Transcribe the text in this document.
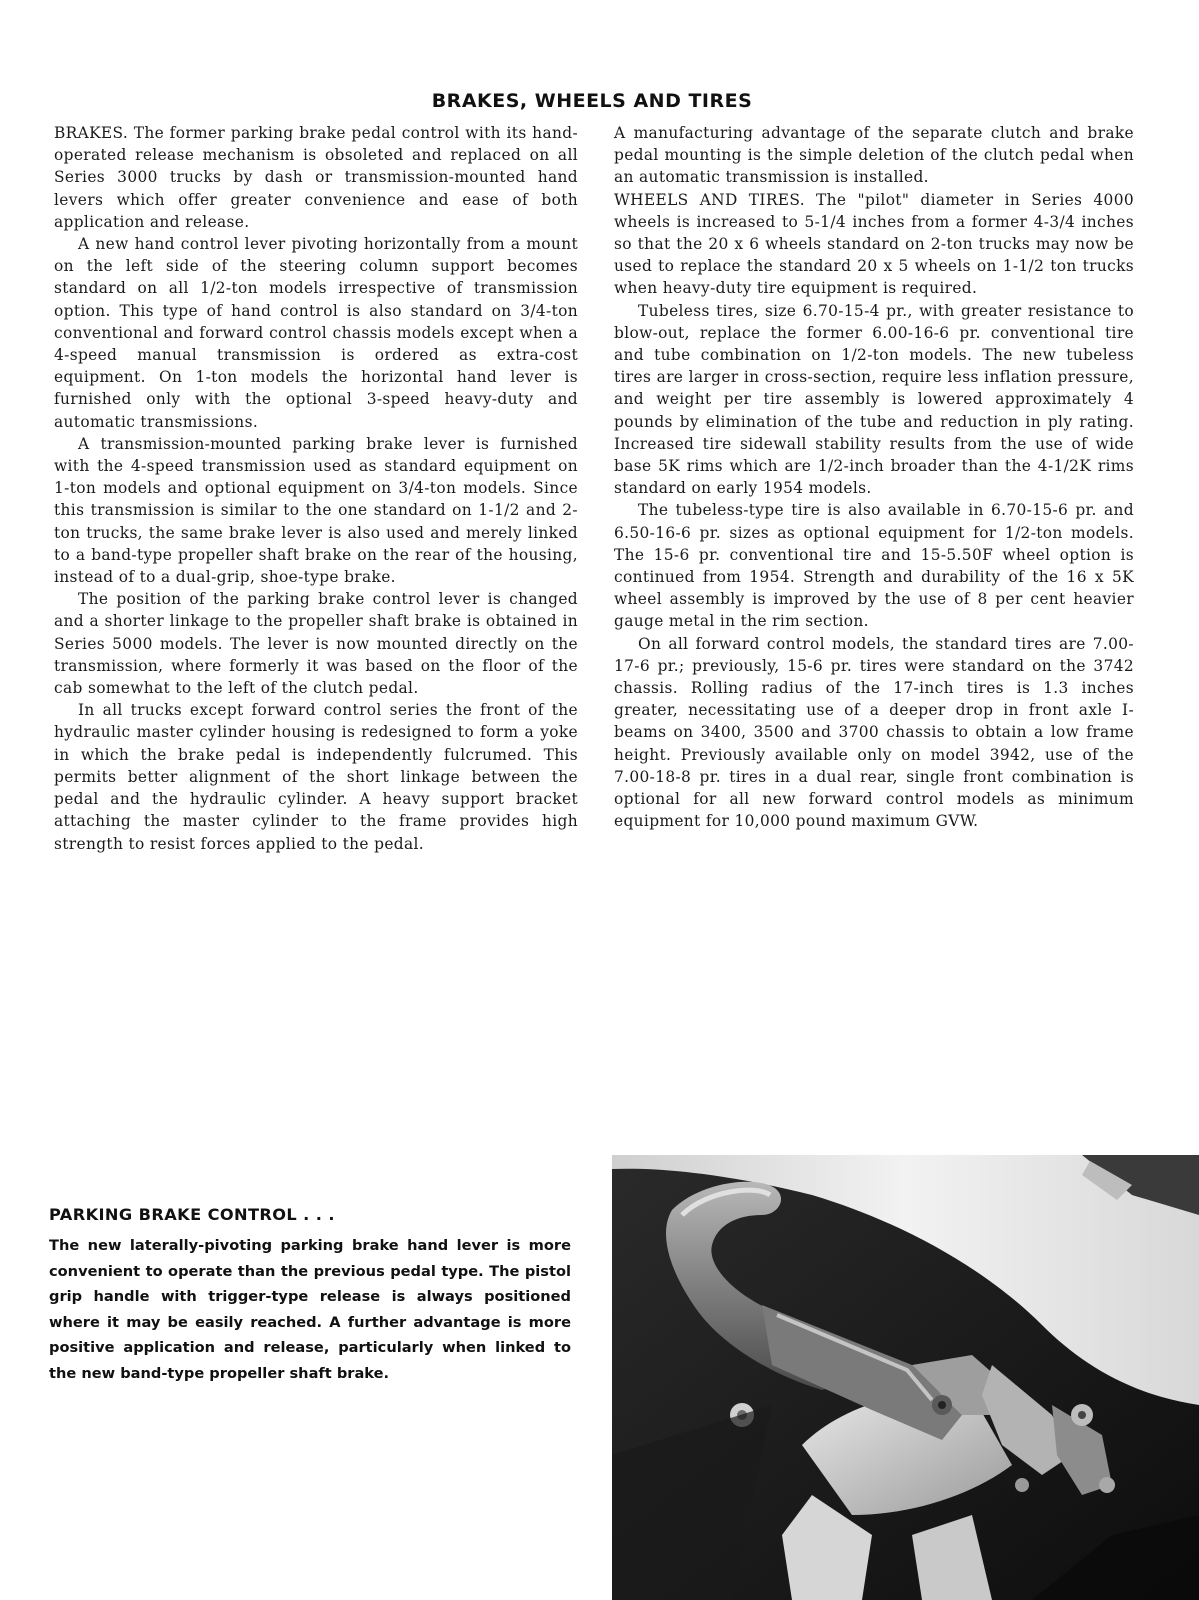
BRAKES, WHEELS AND TIRES

BRAKES. The former parking brake pedal control with its hand-operated release mechanism is obsoleted and replaced on all Series 3000 trucks by dash or transmission-mounted hand levers which offer greater convenience and ease of both application and release.

A new hand control lever pivoting horizontally from a mount on the left side of the steering column support becomes standard on all 1/2-ton models irrespective of transmission option. This type of hand control is also standard on 3/4-ton conventional and forward control chassis models except when a 4-speed manual transmission is ordered as extra-cost equipment. On 1-ton models the horizontal hand lever is furnished only with the optional 3-speed heavy-duty and automatic transmissions.

A transmission-mounted parking brake lever is furnished with the 4-speed transmission used as standard equipment on 1-ton models and optional equipment on 3/4-ton models. Since this transmission is similar to the one standard on 1-1/2 and 2-ton trucks, the same brake lever is also used and merely linked to a band-type propeller shaft brake on the rear of the housing, instead of to a dual-grip, shoe-type brake.

The position of the parking brake control lever is changed and a shorter linkage to the propeller shaft brake is obtained in Series 5000 models. The lever is now mounted directly on the transmission, where formerly it was based on the floor of the cab somewhat to the left of the clutch pedal.

In all trucks except forward control series the front of the hydraulic master cylinder housing is redesigned to form a yoke in which the brake pedal is independently fulcrumed. This permits better alignment of the short linkage between the pedal and the hydraulic cylinder. A heavy support bracket attaching the master cylinder to the frame provides high strength to resist forces applied to the pedal.

A manufacturing advantage of the separate clutch and brake pedal mounting is the simple deletion of the clutch pedal when an automatic transmission is installed.

WHEELS AND TIRES. The "pilot" diameter in Series 4000 wheels is increased to 5-1/4 inches from a former 4-3/4 inches so that the 20 x 6 wheels standard on 2-ton trucks may now be used to replace the standard 20 x 5 wheels on 1-1/2 ton trucks when heavy-duty tire equipment is required.

Tubeless tires, size 6.70-15-4 pr., with greater resistance to blow-out, replace the former 6.00-16-6 pr. conventional tire and tube combination on 1/2-ton models. The new tubeless tires are larger in cross-section, require less inflation pressure, and weight per tire assembly is lowered approximately 4 pounds by elimination of the tube and reduction in ply rating. Increased tire sidewall stability results from the use of wide base 5K rims which are 1/2-inch broader than the 4-1/2K rims standard on early 1954 models.

The tubeless-type tire is also available in 6.70-15-6 pr. and 6.50-16-6 pr. sizes as optional equipment for 1/2-ton models. The 15-6 pr. conventional tire and 15-5.50F wheel option is continued from 1954. Strength and durability of the 16 x 5K wheel assembly is improved by the use of 8 per cent heavier gauge metal in the rim section.

On all forward control models, the standard tires are 7.00-17-6 pr.; previously, 15-6 pr. tires were standard on the 3742 chassis. Rolling radius of the 17-inch tires is 1.3 inches greater, necessitating use of a deeper drop in front axle I-beams on 3400, 3500 and 3700 chassis to obtain a low frame height. Previously available only on model 3942, use of the 7.00-18-8 pr. tires in a dual rear, single front combination is optional for all new forward control models as minimum equipment for 10,000 pound maximum GVW.

PARKING BRAKE CONTROL . . .

The new laterally-pivoting parking brake hand lever is more convenient to operate than the previous pedal type. The pistol grip handle with trigger-type release is always positioned where it may be easily reached. A further advantage is more positive application and release, particularly when linked to the new band-type propeller shaft brake.
